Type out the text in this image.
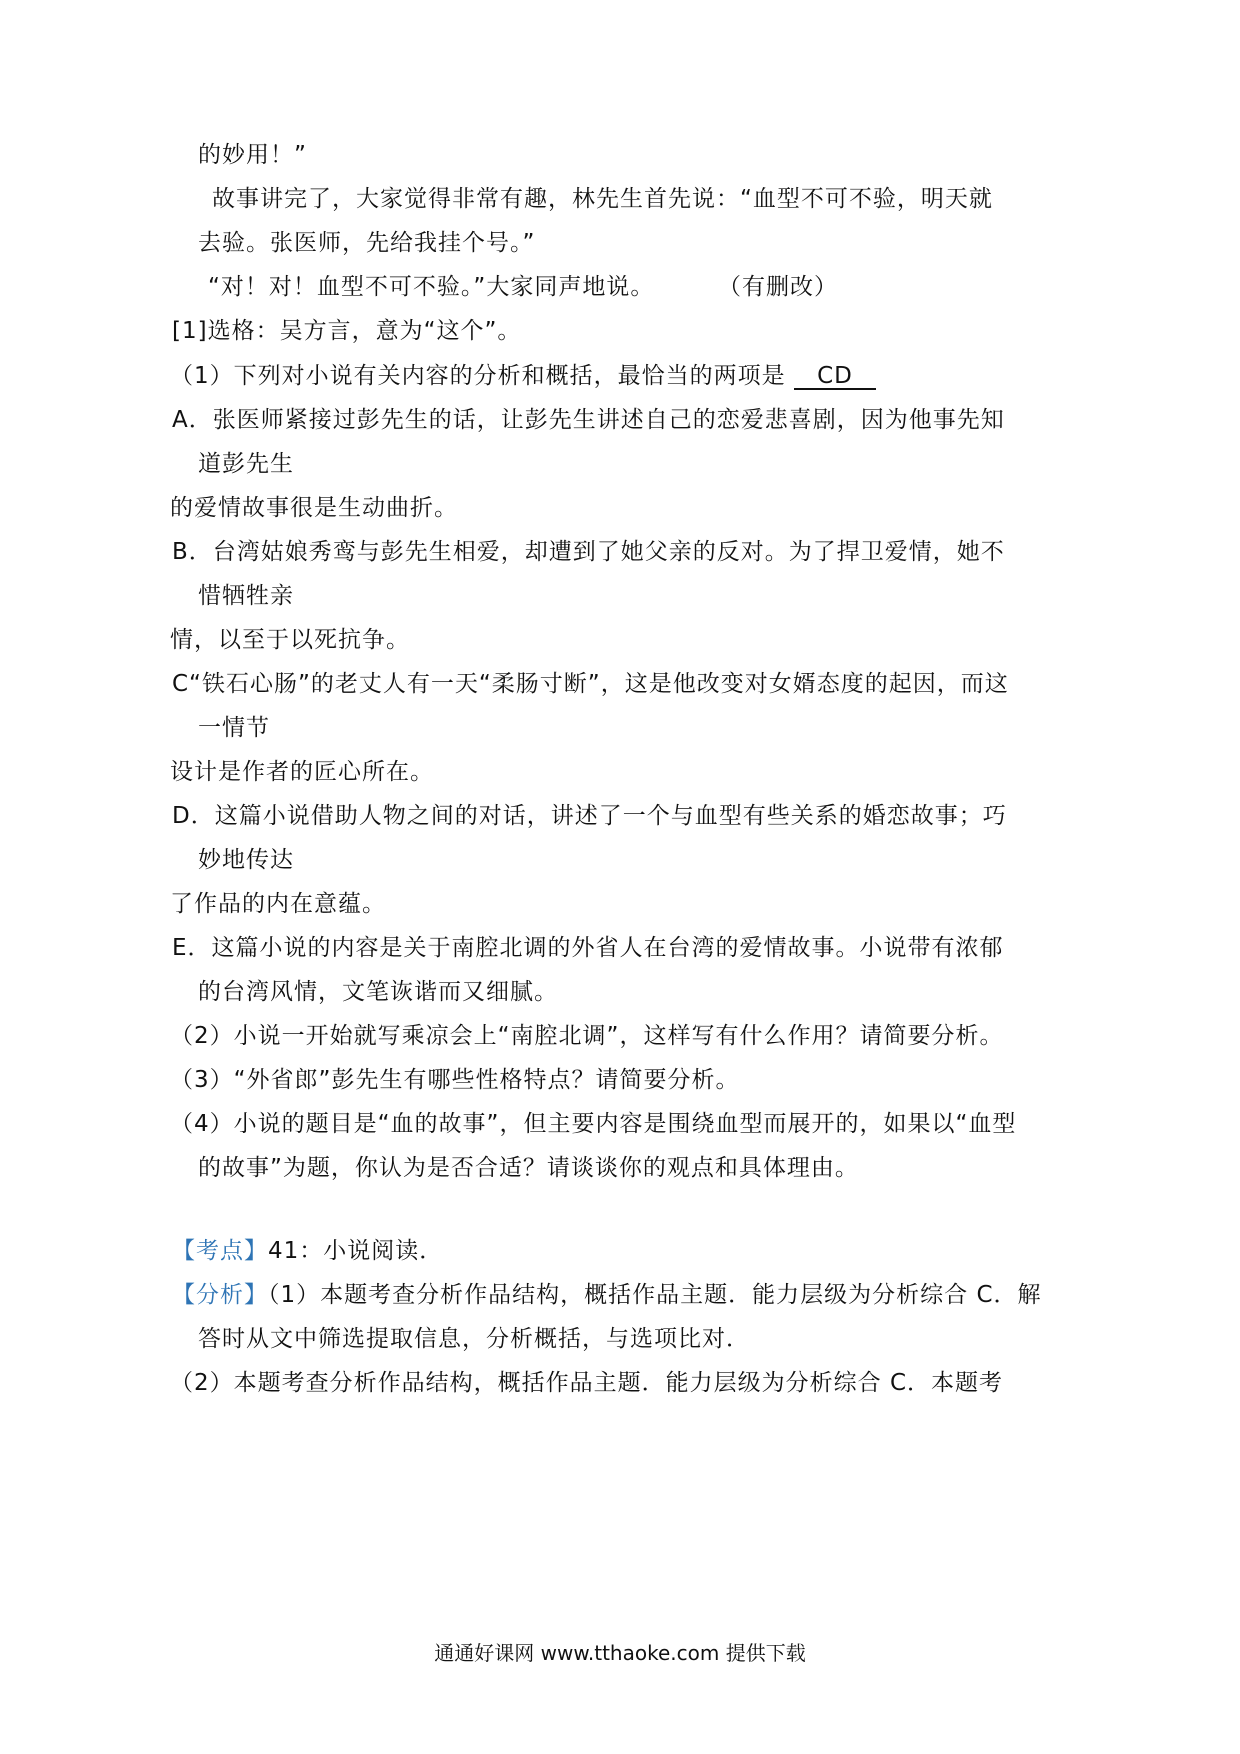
的妙用！”
故事讲完了，大家觉得非常有趣，林先生首先说：“血型不可不验，明天就
去验。张医师，先给我挂个号。”
“对！对！血型不可不验。”大家同声地说。	（有删改）
[1]选格：吴方言，意为“这个”。
（1）下列对小说有关内容的分析和概括，最恰当的两项是 CD
A．张医师紧接过彭先生的话，让彭先生讲述自己的恋爱悲喜剧，因为他事先知
道彭先生
的爱情故事很是生动曲折。
B．台湾姑娘秀鸾与彭先生相爱，却遭到了她父亲的反对。为了捍卫爱情，她不
惜牺牲亲
情，以至于以死抗争。
C“铁石心肠”的老丈人有一天“柔肠寸断”，这是他改变对女婿态度的起因，而这
一情节
设计是作者的匠心所在。
D．这篇小说借助人物之间的对话，讲述了一个与血型有些关系的婚恋故事；巧
妙地传达
了作品的内在意蕴。
E．这篇小说的内容是关于南腔北调的外省人在台湾的爱情故事。小说带有浓郁
的台湾风情，文笔诙谐而又细腻。
（2）小说一开始就写乘凉会上“南腔北调”，这样写有什么作用？请简要分析。
（3）“外省郎”彭先生有哪些性格特点？请简要分析。
（4）小说的题目是“血的故事”，但主要内容是围绕血型而展开的，如果以“血型
的故事”为题，你认为是否合适？请谈谈你的观点和具体理由。
【考点】41：小说阅读．
【分析】（1）本题考查分析作品结构，概括作品主题．能力层级为分析综合 C．解
答时从文中筛选提取信息，分析概括，与选项比对．
（2）本题考查分析作品结构，概括作品主题．能力层级为分析综合 C．本题考
通通好课网 www.tthaoke.com 提供下载
